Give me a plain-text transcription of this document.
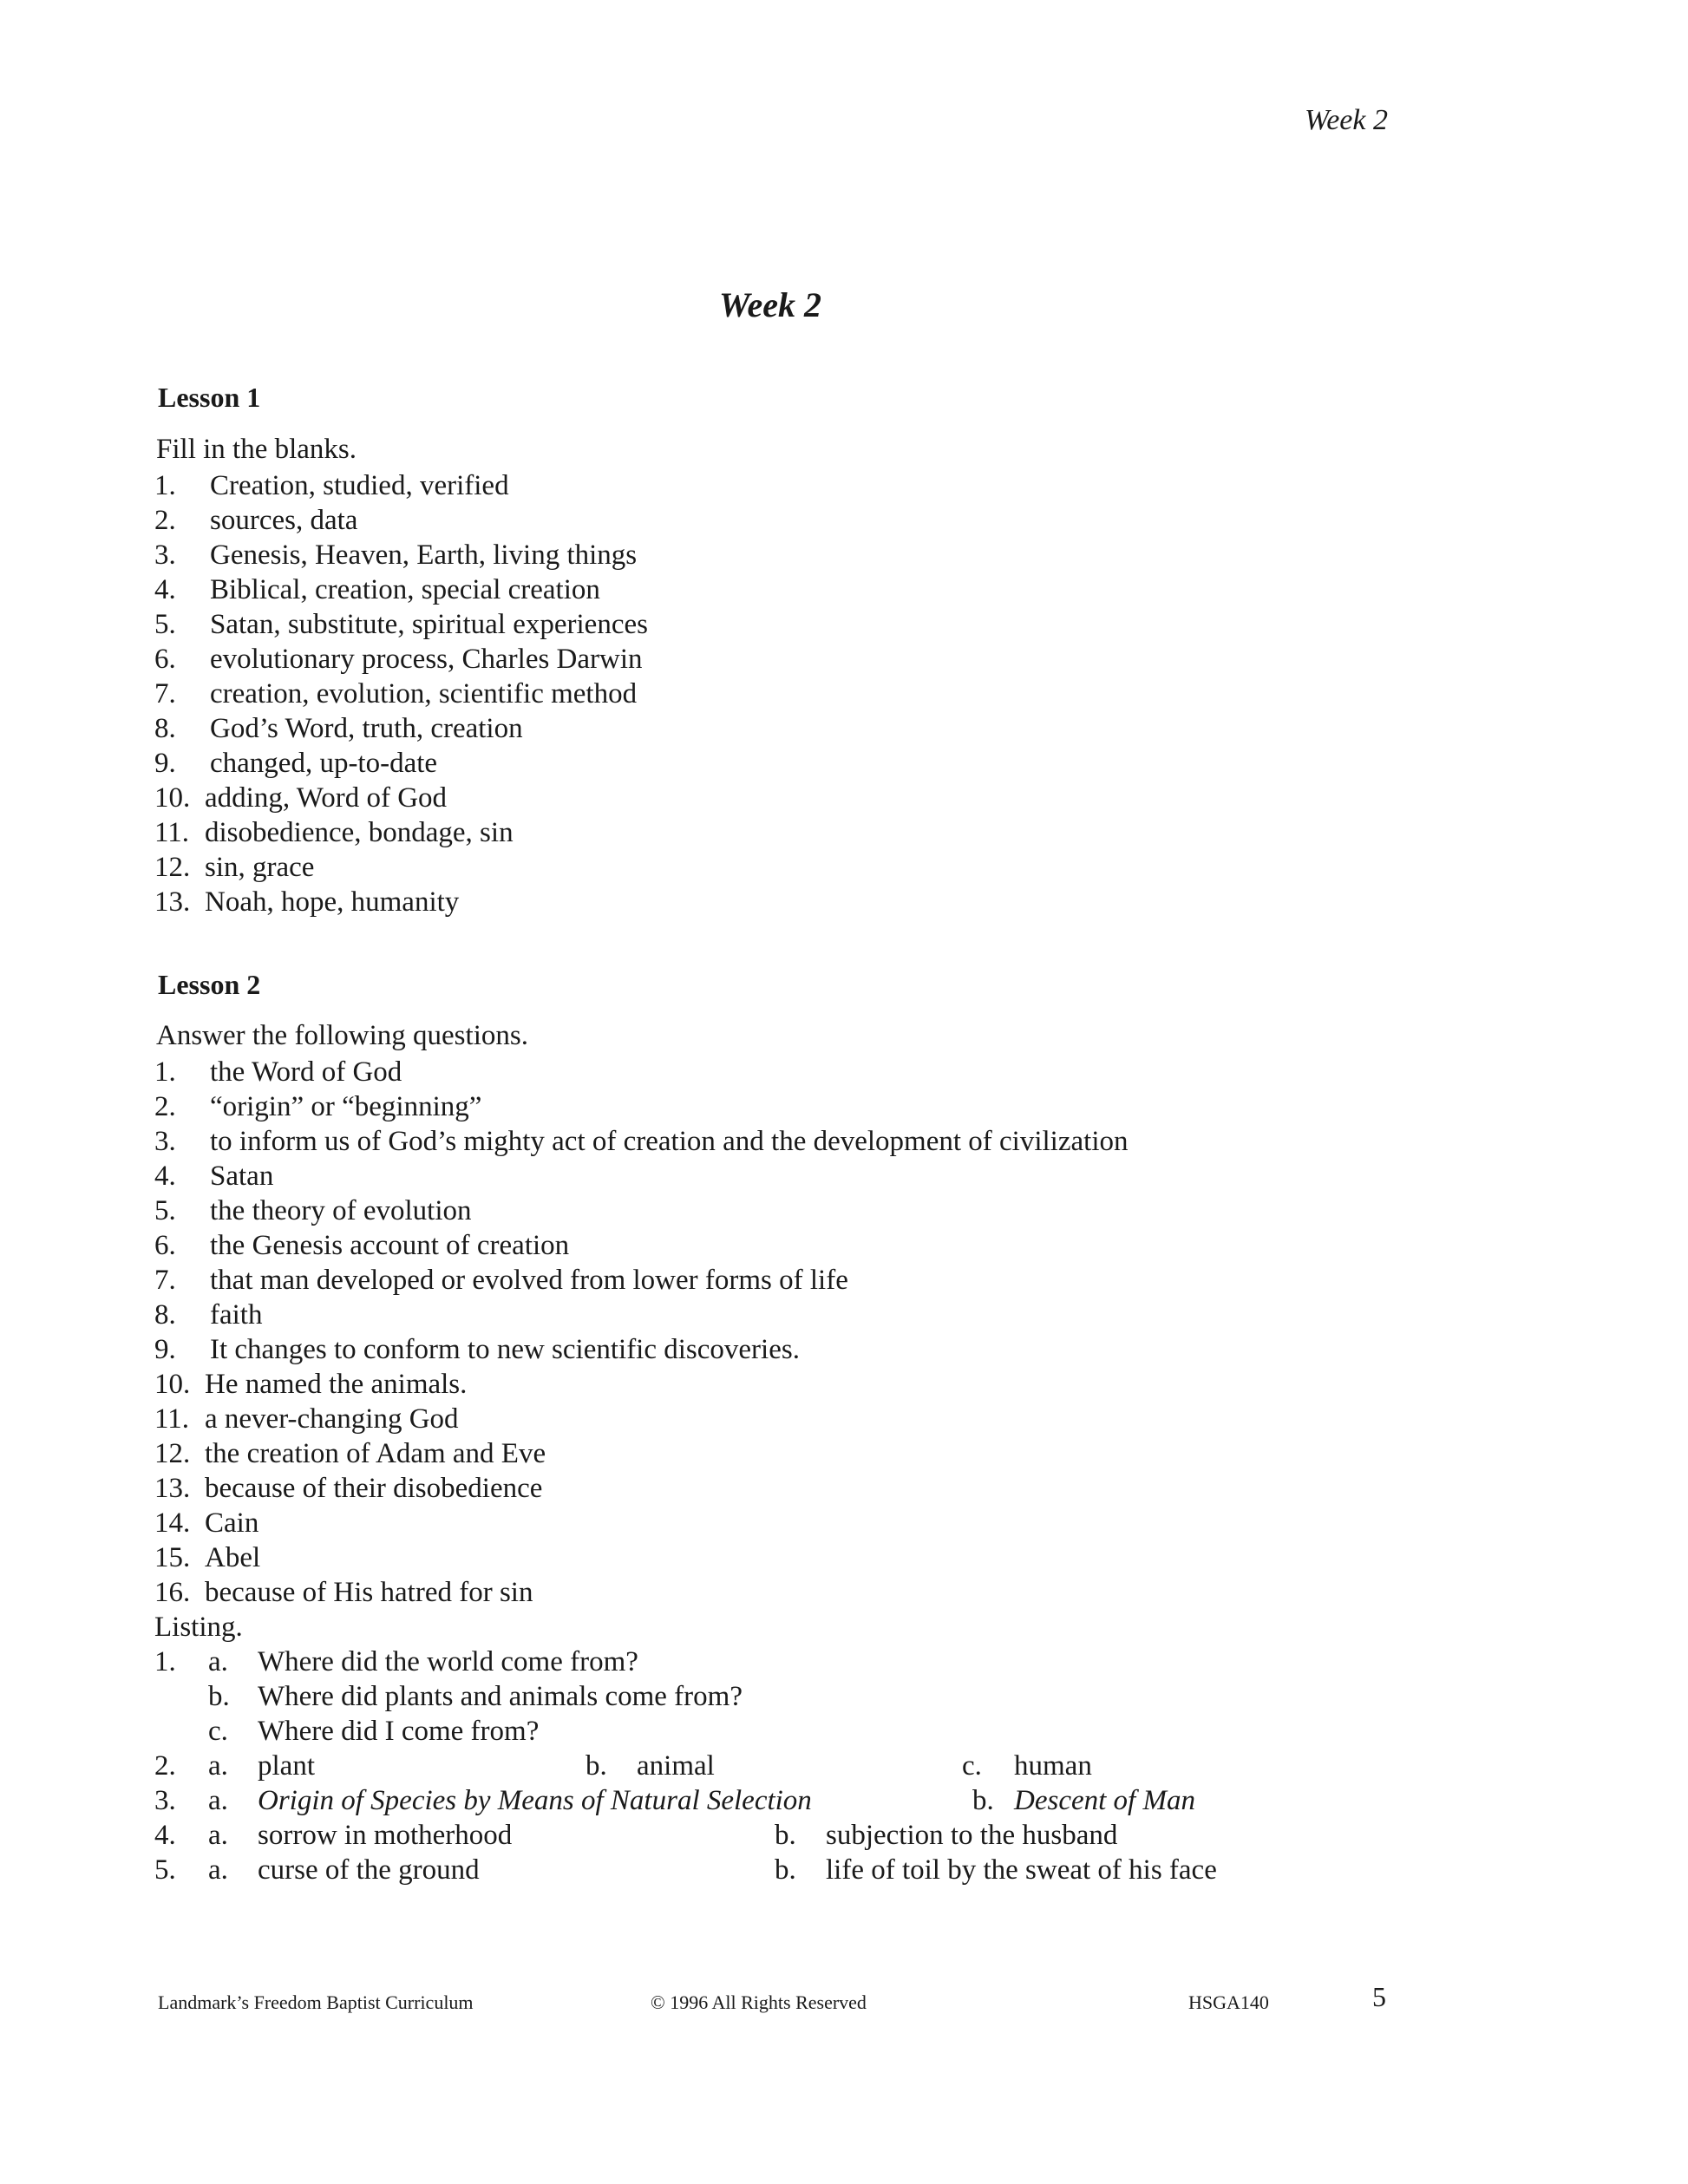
Week 2
Week 2
Lesson 1
Fill in the blanks.
1. Creation, studied, verified
2. sources, data
3. Genesis, Heaven, Earth, living things
4. Biblical, creation, special creation
5. Satan, substitute, spiritual experiences
6. evolutionary process, Charles Darwin
7. creation, evolution, scientific method
8. God’s Word, truth, creation
9. changed, up-to-date
10. adding, Word of God
11. disobedience, bondage, sin
12. sin, grace
13. Noah, hope, humanity
Lesson 2
Answer the following questions.
1. the Word of God
2. “origin” or “beginning”
3. to inform us of God’s mighty act of creation and the development of civilization
4. Satan
5. the theory of evolution
6. the Genesis account of creation
7. that man developed or evolved from lower forms of life
8. faith
9. It changes to conform to new scientific discoveries.
10. He named the animals.
11. a never-changing God
12. the creation of Adam and Eve
13. because of their disobedience
14. Cain
15. Abel
16. because of His hatred for sin
Listing.
1. a. Where did the world come from?
b. Where did plants and animals come from?
c. Where did I come from?
2. a. plant	b. animal	c. human
3. a. Origin of Species by Means of Natural Selection	b. Descent of Man
4. a. sorrow in motherhood	b. subjection to the husband
5. a. curse of the ground	b. life of toil by the sweat of his face
Landmark’s Freedom Baptist Curriculum	© 1996 All Rights Reserved	HSGA140	5
